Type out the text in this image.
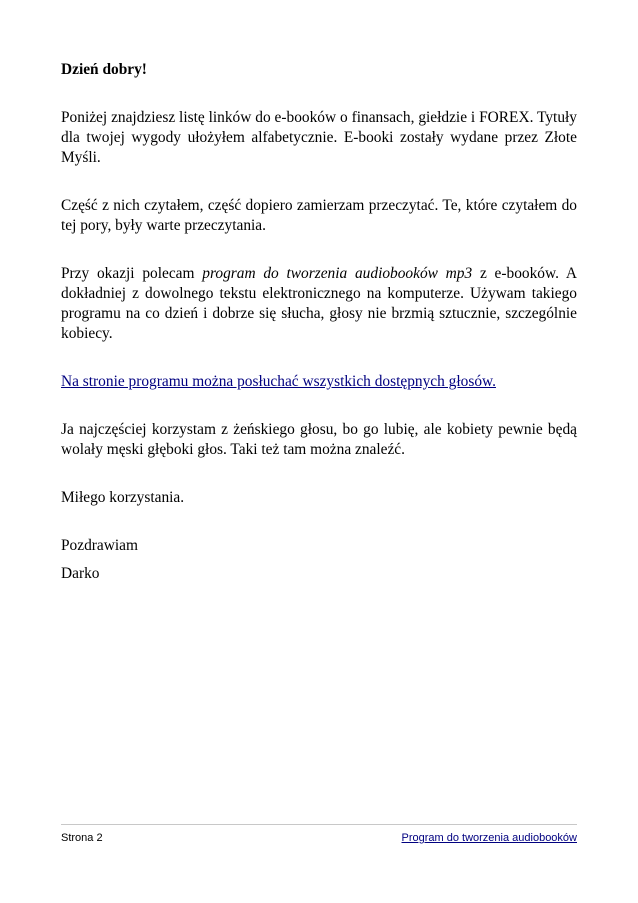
Dzień dobry!

Poniżej znajdziesz listę linków do e-booków o finansach, giełdzie i FOREX. Tytuły dla twojej wygody ułożyłem alfabetycznie. E-booki zostały wydane przez Złote Myśli.

Część z nich czytałem, część dopiero zamierzam przeczytać. Te, które czytałem do tej pory, były warte przeczytania.

Przy okazji polecam program do tworzenia audiobooków mp3 z e-booków. A dokładniej z dowolnego tekstu elektronicznego na komputerze. Używam takiego programu na co dzień i dobrze się słucha, głosy nie brzmią sztucznie, szczególnie kobiecy.

Na stronie programu można posłuchać wszystkich dostępnych głosów.

Ja najczęściej korzystam z żeńskiego głosu, bo go lubię, ale kobiety pewnie będą wolały męski głęboki głos. Taki też tam można znaleźć.

Miłego korzystania.

Pozdrawiam

Darko

Strona 2	Program do tworzenia audiobooków
